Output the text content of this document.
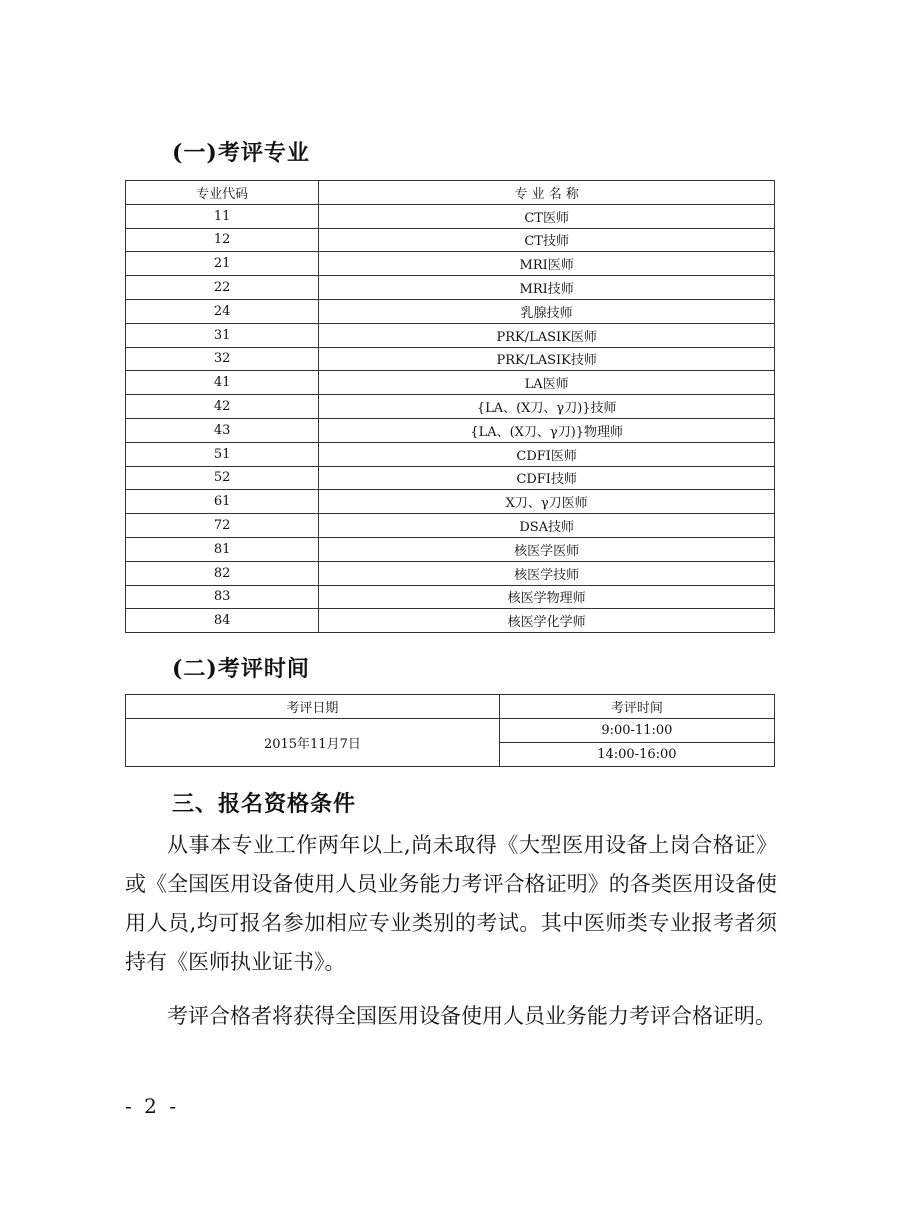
(一)考评专业
专业代码	专 业 名 称
11	CT医师
12	CT技师
21	MRI医师
22	MRI技师
24	乳腺技师
31	PRK/LASIK医师
32	PRK/LASIK技师
41	LA医师
42	{LA、(X刀、γ刀)}技师
43	{LA、(X刀、γ刀)}物理师
51	CDFI医师
52	CDFI技师
61	X刀、γ刀医师
72	DSA技师
81	核医学医师
82	核医学技师
83	核医学物理师
84	核医学化学师
(二)考评时间
考评日期	考评时间
2015年11月7日	9:00-11:00
	14:00-16:00
三、报名资格条件

从事本专业工作两年以上,尚未取得《大型医用设备上岗合格证》或《全国医用设备使用人员业务能力考评合格证明》的各类医用设备使用人员,均可报名参加相应专业类别的考试。其中医师类专业报考者须持有《医师执业证书》。

考评合格者将获得全国医用设备使用人员业务能力考评合格证明。

- 2 -
